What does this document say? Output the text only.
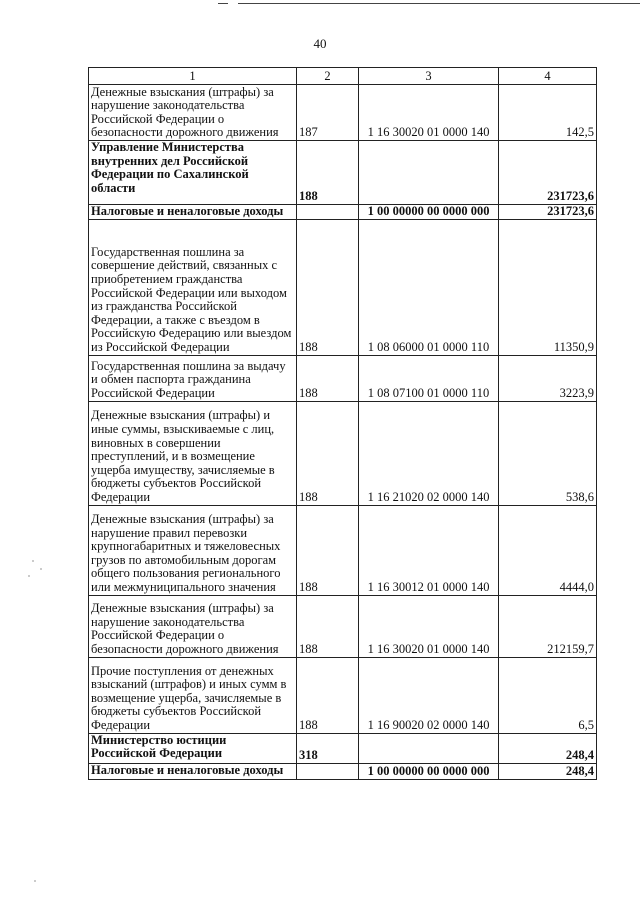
40
1	2	3	4
Денежные взыскания (штрафы) за нарушение законодательства Российской Федерации о безопасности дорожного движения	187	1 16 30020 01 0000 140	142,5
Управление Министерства внутренних дел Российской Федерации по Сахалинской области	188		231723,6
Налоговые и неналоговые доходы		1 00 00000 00 0000 000	231723,6
Государственная пошлина за совершение действий, связанных с приобретением гражданства Российской Федерации или выходом из гражданства Российской Федерации, а также с въездом в Российскую Федерацию или выездом из Российской Федерации	188	1 08 06000 01 0000 110	11350,9
Государственная пошлина за выдачу и обмен паспорта гражданина Российской Федерации	188	1 08 07100 01 0000 110	3223,9
Денежные взыскания (штрафы) и иные суммы, взыскиваемые с лиц, виновных в совершении преступлений, и в возмещение ущерба имуществу, зачисляемые в бюджеты субъектов Российской Федерации	188	1 16 21020 02 0000 140	538,6
Денежные взыскания (штрафы) за нарушение правил перевозки крупногабаритных и тяжеловесных грузов по автомобильным дорогам общего пользования регионального или межмуниципального значения	188	1 16 30012 01 0000 140	4444,0
Денежные взыскания (штрафы) за нарушение законодательства Российской Федерации о безопасности дорожного движения	188	1 16 30020 01 0000 140	212159,7
Прочие поступления от денежных взысканий (штрафов) и иных сумм в возмещение ущерба, зачисляемые в бюджеты субъектов Российской Федерации	188	1 16 90020 02 0000 140	6,5
Министерство юстиции Российской Федерации	318		248,4
Налоговые и неналоговые доходы		1 00 00000 00 0000 000	248,4
